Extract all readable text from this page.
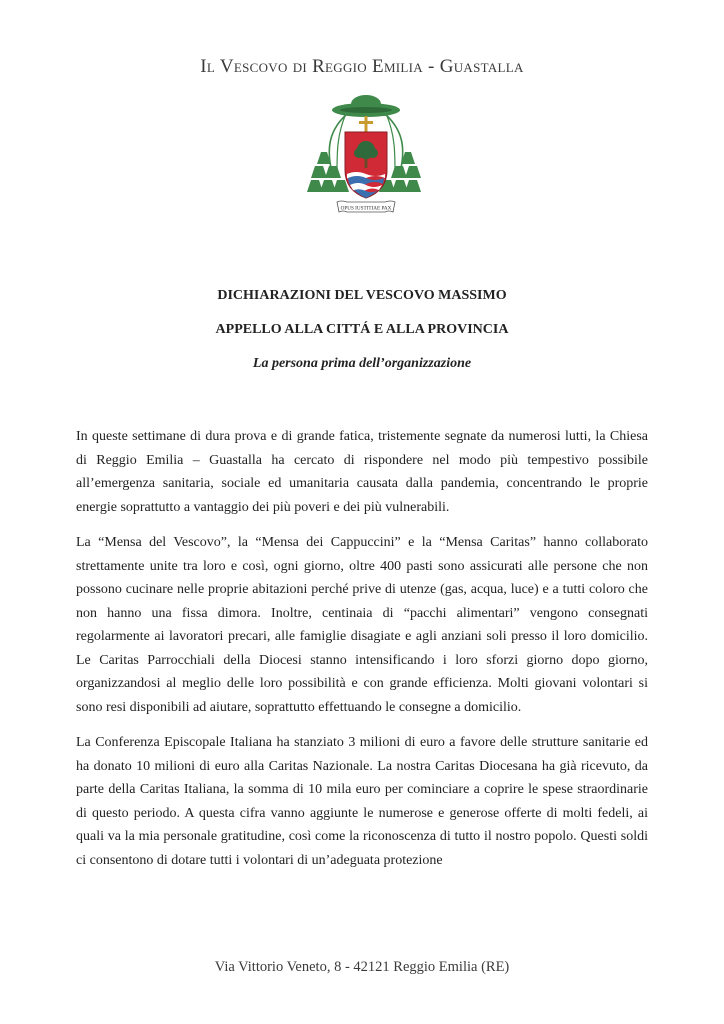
Il Vescovo di Reggio Emilia - Guastalla
OPUS IUSTITIAE PAX
DICHIARAZIONI DEL VESCOVO MASSIMO
APPELLO ALLA CITTÁ E ALLA PROVINCIA
La persona prima dell’organizzazione

In queste settimane di dura prova e di grande fatica, tristemente segnate da numerosi lutti, la Chiesa di Reggio Emilia – Guastalla ha cercato di rispondere nel modo più tempestivo possibile all’emergenza sanitaria, sociale ed umanitaria causata dalla pandemia, concentrando le proprie energie soprattutto a vantaggio dei più poveri e dei più vulnerabili.

La “Mensa del Vescovo”, la “Mensa dei Cappuccini” e la “Mensa Caritas” hanno collaborato strettamente unite tra loro e così, ogni giorno, oltre 400 pasti sono assicurati alle persone che non possono cucinare nelle proprie abitazioni perché prive di utenze (gas, acqua, luce) e a tutti coloro che non hanno una fissa dimora. Inoltre, centinaia di “pacchi alimentari” vengono consegnati regolarmente ai lavoratori precari, alle famiglie disagiate e agli anziani soli presso il loro domicilio. Le Caritas Parrocchiali della Diocesi stanno intensificando i loro sforzi giorno dopo giorno, organizzandosi al meglio delle loro possibilità e con grande efficienza. Molti giovani volontari si sono resi disponibili ad aiutare, soprattutto effettuando le consegne a domicilio.

La Conferenza Episcopale Italiana ha stanziato 3 milioni di euro a favore delle strutture sanitarie ed ha donato 10 milioni di euro alla Caritas Nazionale. La nostra Caritas Diocesana ha già ricevuto, da parte della Caritas Italiana, la somma di 10 mila euro per cominciare a coprire le spese straordinarie di questo periodo. A questa cifra vanno aggiunte le numerose e generose offerte di molti fedeli, ai quali va la mia personale gratitudine, così come la riconoscenza di tutto il nostro popolo. Questi soldi ci consentono di dotare tutti i volontari di un’adeguata protezione

Via Vittorio Veneto, 8 - 42121 Reggio Emilia (RE)
